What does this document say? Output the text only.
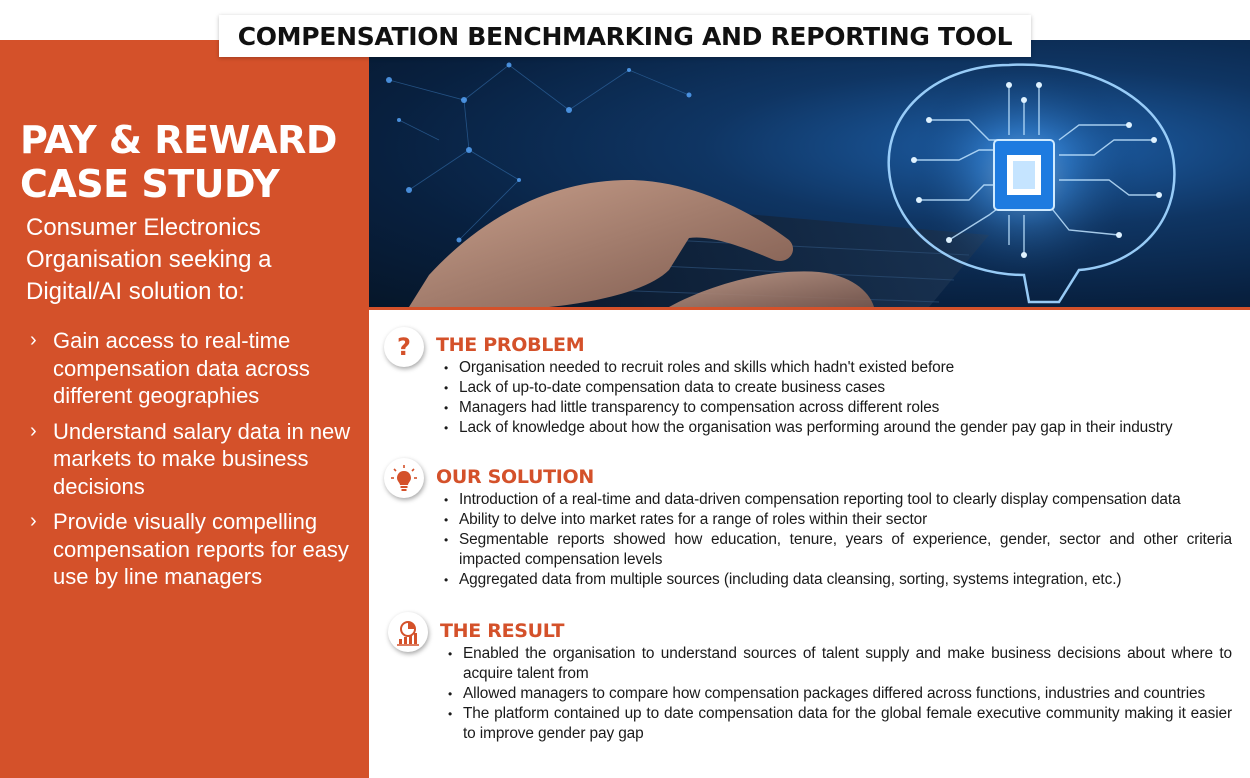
COMPENSATION BENCHMARKING AND REPORTING TOOL
PAY & REWARD
CASE STUDY
Consumer Electronics Organisation seeking a Digital/AI solution to:
› Gain access to real-time compensation data across different geographies
› Understand salary data in new markets to make business decisions
› Provide visually compelling compensation reports for easy use by line managers
? THE PROBLEM
• Organisation needed to recruit roles and skills which hadn't existed before
• Lack of up-to-date compensation data to create business cases
• Managers had little transparency to compensation across different roles
• Lack of knowledge about how the organisation was performing around the gender pay gap in their industry
OUR SOLUTION
• Introduction of a real-time and data-driven compensation reporting tool to clearly display compensation data
• Ability to delve into market rates for a range of roles within their sector
• Segmentable reports showed how education, tenure, years of experience, gender, sector and other criteria impacted compensation levels
• Aggregated data from multiple sources (including data cleansing, sorting, systems integration, etc.)
THE RESULT
• Enabled the organisation to understand sources of talent supply and make business decisions about where to acquire talent from
• Allowed managers to compare how compensation packages differed across functions, industries and countries
• The platform contained up to date compensation data for the global female executive community making it easier to improve gender pay gap
